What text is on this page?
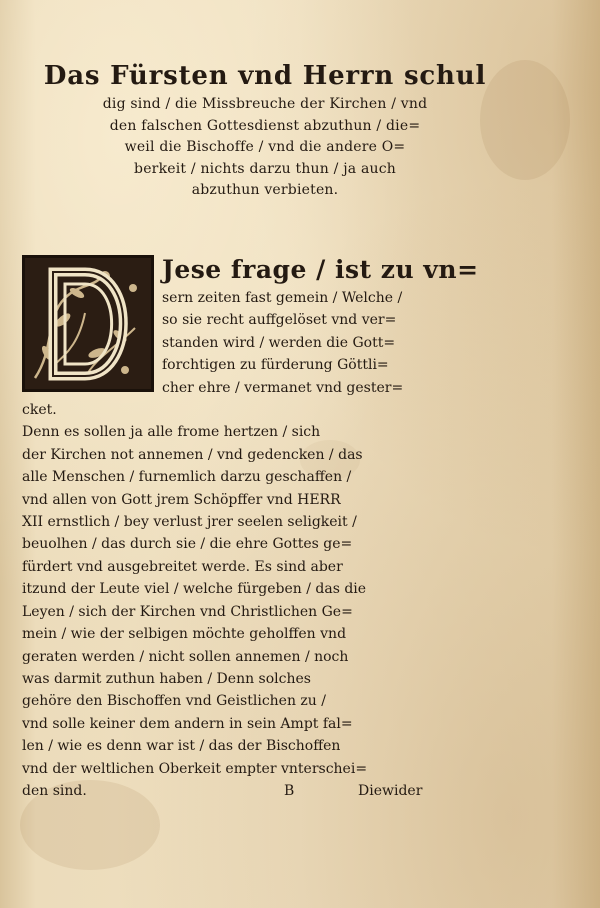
Das Fürsten vnd Herrn schul
dig sind / die Missbreuche der Kirchen / vnd
den falschen Gottesdienst abzuthun / die=
weil die Bischoffe / vnd die andere O=
berkeit / nichts darzu thun / ja auch
abzuthun verbieten.
Jese frage / ist zu vn=
sern zeiten fast gemein / Welche /
so sie recht auffgelöset vnd ver=
standen wird / werden die Gott=
forchtigen zu fürderung Göttli=
cher ehre / vermanet vnd gester=
cket.
Denn es sollen ja alle frome hertzen / sich
der Kirchen not annemen / vnd gedencken / das
alle Menschen / furnemlich darzu geschaffen /
vnd allen von Gott jrem Schöpffer vnd HERR
XII ernstlich / bey verlust jrer seelen seligkeit /
beuolhen / das durch sie / die ehre Gottes ge=
fürdert vnd ausgebreitet werde. Es sind aber
itzund der Leute viel / welche fürgeben / das die
Leyen / sich der Kirchen vnd Christlichen Ge=
mein / wie der selbigen möchte geholffen vnd
geraten werden / nicht sollen annemen / noch
was darmit zuthun haben / Denn solches
gehöre den Bischoffen vnd Geistlichen zu /
vnd solle keiner dem andern in sein Ampt fal=
len / wie es denn war ist / das der Bischoffen
vnd der weltlichen Oberkeit empter vnterschei=
den sind.	B	Diewider
